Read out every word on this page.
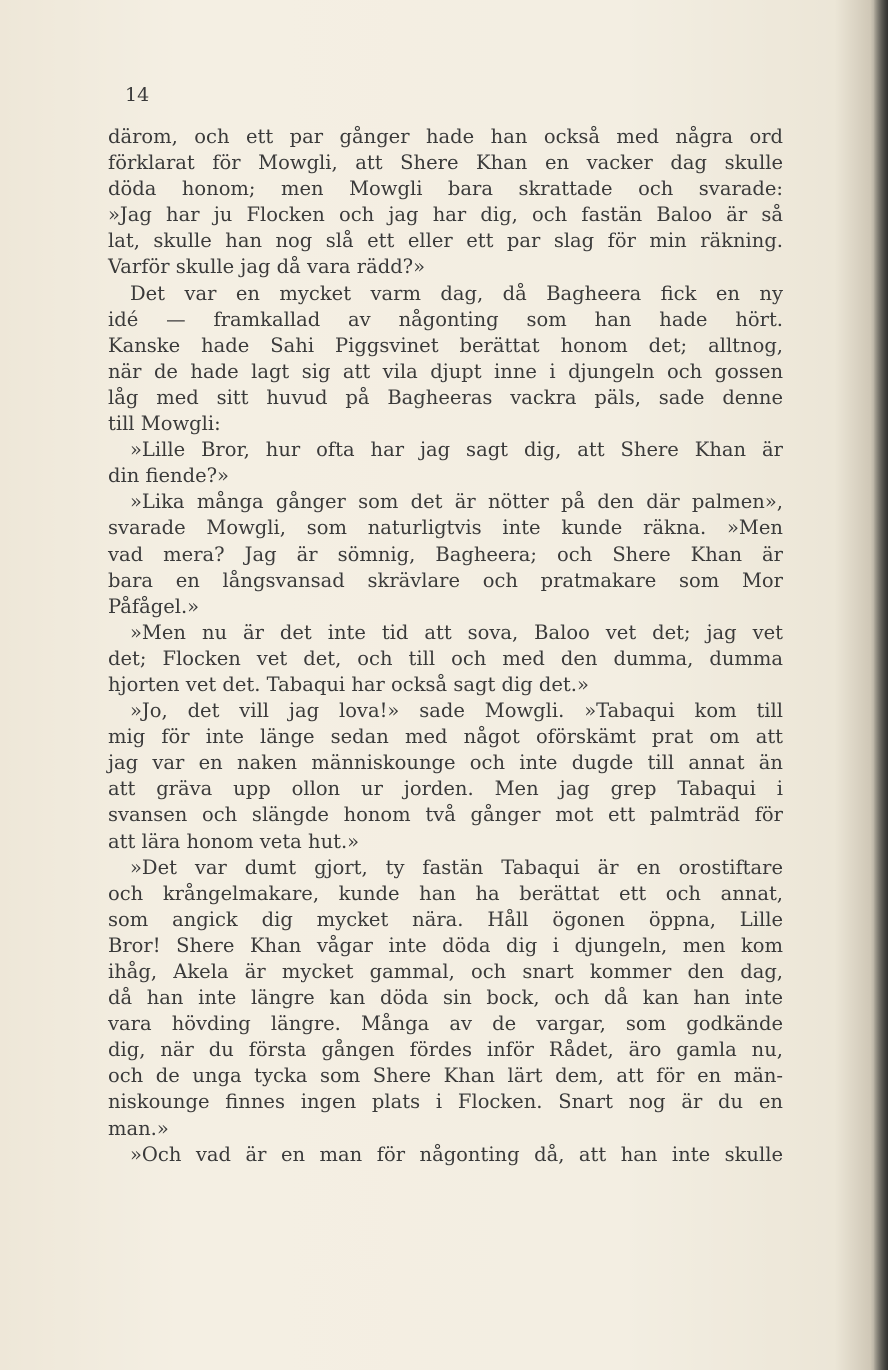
14
därom, och ett par gånger hade han också med några ord
förklarat för Mowgli, att Shere Khan en vacker dag skulle
döda honom; men Mowgli bara skrattade och svarade:
»Jag har ju Flocken och jag har dig, och fastän Baloo är så
lat, skulle han nog slå ett eller ett par slag för min räkning.
Varför skulle jag då vara rädd?»
Det var en mycket varm dag, då Bagheera fick en ny
idé — framkallad av någonting som han hade hört.
Kanske hade Sahi Piggsvinet berättat honom det; alltnog,
när de hade lagt sig att vila djupt inne i djungeln och gossen
låg med sitt huvud på Bagheeras vackra päls, sade denne
till Mowgli:
»Lille Bror, hur ofta har jag sagt dig, att Shere Khan är
din fiende?»
»Lika många gånger som det är nötter på den där palmen»,
svarade Mowgli, som naturligtvis inte kunde räkna. »Men
vad mera? Jag är sömnig, Bagheera; och Shere Khan är
bara en långsvansad skrävlare och pratmakare som Mor
Påfågel.»
»Men nu är det inte tid att sova, Baloo vet det; jag vet
det; Flocken vet det, och till och med den dumma, dumma
hjorten vet det. Tabaqui har också sagt dig det.»
»Jo, det vill jag lova!» sade Mowgli. »Tabaqui kom till
mig för inte länge sedan med något oförskämt prat om att
jag var en naken människounge och inte dugde till annat än
att gräva upp ollon ur jorden. Men jag grep Tabaqui i
svansen och slängde honom två gånger mot ett palmträd för
att lära honom veta hut.»
»Det var dumt gjort, ty fastän Tabaqui är en orostiftare
och krångelmakare, kunde han ha berättat ett och annat,
som angick dig mycket nära. Håll ögonen öppna, Lille
Bror! Shere Khan vågar inte döda dig i djungeln, men kom
ihåg, Akela är mycket gammal, och snart kommer den dag,
då han inte längre kan döda sin bock, och då kan han inte
vara hövding längre. Många av de vargar, som godkände
dig, när du första gången fördes inför Rådet, äro gamla nu,
och de unga tycka som Shere Khan lärt dem, att för en män-
niskounge finnes ingen plats i Flocken. Snart nog är du en
man.»
»Och vad är en man för någonting då, att han inte skulle
